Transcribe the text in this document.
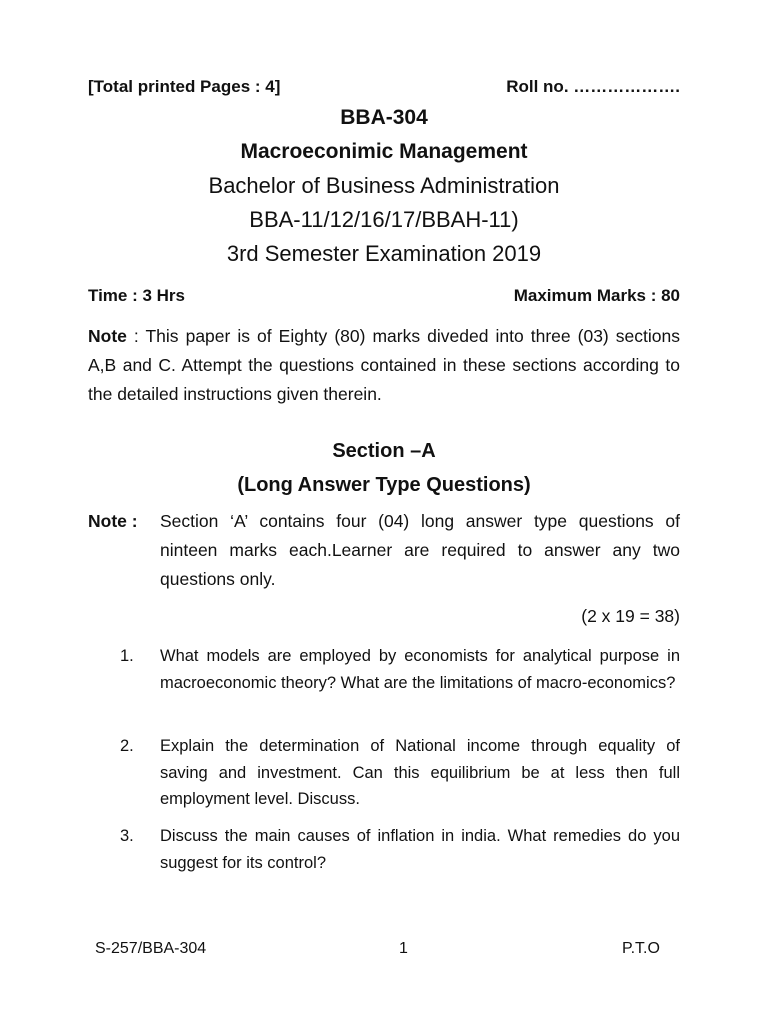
[Total printed Pages : 4]	Roll no. ……………….
BBA-304
Macroeconimic Management
Bachelor of Business Administration
BBA-11/12/16/17/BBAH-11)
3rd Semester Examination 2019
Time : 3 Hrs	Maximum Marks : 80
Note : This paper is of Eighty (80) marks diveded into three (03) sections A,B and C. Attempt the questions contained in these sections according to the detailed instructions given therein.
Section –A
(Long Answer Type Questions)
Note :	Section ‘A’ contains four (04) long answer type questions of ninteen marks each.Learner are required to answer any two questions only.
(2 x 19 = 38)
1.	What models are employed by economists for analytical purpose in macroeconomic theory? What are the limitations of macro-economics?
2.	Explain the determination of National income through equality of saving and investment. Can this equilibrium be at less then full employment level. Discuss.
3.	Discuss the main causes of inflation in india. What remedies do you suggest for its control?
S-257/BBA-304	1	P.T.O
